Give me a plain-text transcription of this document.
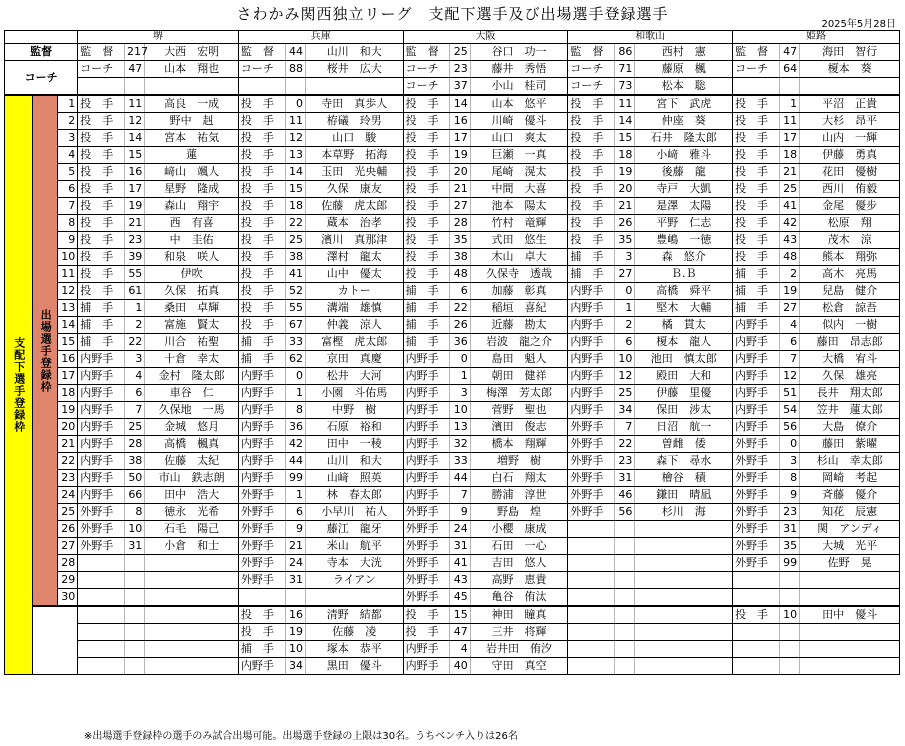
さわかみ関西独立リーグ　支配下選手及び出場選手登録選手
2025年5月28日
			堺			兵庫			大阪			和歌山			姫路		
監督			監　督	217	大西　宏明	監　督	44	山川　和大	監　督	25	谷口　功一	監　督	86	西村　憲	監　督	47	海田　智行
コーチ			コーチ	47	山本　翔也	コーチ	88	桜井　広大	コーチ	23	藤井　秀悟	コーチ	71	藤原　楓	コーチ	64	榎本　葵
									コーチ	37	小山　桂司	コーチ	73	松本　聡			
支配下選手登録枠	出場選手登録枠	1	投　手	11	高良　一成	投　手	0	寺田　真歩人	投　手	14	山本　悠平	投　手	11	宮下　武虎	投　手	1	平沼　正貴
		2	投　手	12	野中　赳	投　手	11	栫礒　玲男	投　手	16	川崎　優斗	投　手	14	仲座　葵	投　手	11	大杉　昂平
		3	投　手	14	宮本　祐気	投　手	12	山口　駿	投　手	17	山口　爽太	投　手	15	石井　隆太郎	投　手	17	山内　一輝
		4	投　手	15	蓮	投　手	13	本草野　拓海	投　手	19	巨瀬　一真	投　手	18	小﨑　雅斗	投　手	18	伊藤　勇真
		5	投　手	16	﨑山　颯人	投　手	14	玉田　光央輔	投　手	20	尾崎　滉太	投　手	19	後藤　龍	投　手	21	花田　優樹
		6	投　手	17	星野　隆成	投　手	15	久保　康友	投　手	21	中間　大喜	投　手	20	寺戸　大凱	投　手	25	西川　侑毅
		7	投　手	19	森山　翔宇	投　手	18	佐藤　虎太郎	投　手	27	池本　陽太	投　手	21	是澤　太陽	投　手	41	金尾　優步
		8	投　手	21	西　有喜	投　手	22	蔵本　治孝	投　手	28	竹村　竜輝	投　手	26	平野　仁志	投　手	42	松原　翔
		9	投　手	23	中　圭佑	投　手	25	濱川　真那津	投　手	35	式田　悠生	投　手	35	豊嶋　一徳	投　手	43	茂木　涼
		10	投　手	39	和泉　咲人	投　手	38	澤村　龍太	投　手	38	木山　卓大	捕　手	3	森　悠介	投　手	48	熊本　翔弥
		11	投　手	55	伊吹	投　手	41	山中　優太	投　手	48	久保寺　透哉	捕　手	27	Ｂ.Ｂ	捕　手	2	高木　亮馬
		12	投　手	61	久保　拓真	投　手	52	カトー	捕　手	6	加藤　彰真	内野手	0	高橋　舜平	捕　手	19	兒島　健介
		13	捕　手	1	桑田　卓輝	投　手	55	溝端　雄慎	捕　手	22	稲垣　喜紀	内野手	1	堅木　大輔	捕　手	27	松倉　諒吾
		14	捕　手	2	富施　賢太	投　手	67	仲義　涼人	捕　手	26	近藤　勘太	内野手	2	橘　貫太	内野手	4	似内　一樹
		15	捕　手	22	川合　祐聖	捕　手	33	富樫　虎太郎	捕　手	36	岩波　龍之介	内野手	6	榎本　龍人	内野手	6	藤田　昂志郎
		16	内野手	3	十倉　幸太	捕　手	62	京田　真慶	内野手	0	島田　魁人	内野手	10	池田　慎太郎	内野手	7	大橋　宥斗
		17	内野手	4	金村　隆太郎	内野手	0	松井　大河	内野手	1	朝田　健祥	内野手	12	殿田　大和	内野手	12	久保　雄亮
		18	内野手	6	車谷　仁	内野手	1	小園　斗佑馬	内野手	3	梅澤　芳太郎	内野手	25	伊藤　里優	内野手	51	長井　翔太郎
		19	内野手	7	久保地　一馬	内野手	8	中野　樹	内野手	10	菅野　聖也	内野手	34	保田　涉太	内野手	54	笠井　蓮太郎
		20	内野手	25	金城　悠月	内野手	36	石原　裕和	内野手	13	濱田　俊志	外野手	7	日沼　航一	内野手	56	大島　僚介
		21	内野手	28	高橋　楓真	内野手	42	田中　一稜	内野手	32	橋本　翔輝	外野手	22	曽雌　倭	外野手	0	藤田　紫曜
		22	内野手	38	佐藤　太紀	内野手	44	山川　和大	内野手	33	増野　樹	外野手	23	森下　尋水	外野手	3	杉山　幸太郎
		23	内野手	50	市山　鉄志朗	内野手	99	山﨑　照英	内野手	44	白石　翔太	外野手	31	檜谷　積	外野手	8	岡崎　考起
		24	内野手	66	田中　浩大	外野手	1	林　春太郎	内野手	7	勝浦　淳世	外野手	46	鎌田　晴凪	外野手	9	斉藤　優介
		25	外野手	8	徳永　光希	外野手	6	小早川　祐人	外野手	9	野島　煌	外野手	56	杉川　海	外野手	23	知花　辰憲
		26	外野手	10	石毛　陽己	外野手	9	藤江　龍牙	外野手	24	小櫻　康成				外野手	31	関　アンディ
		27	外野手	31	小倉　和士	外野手	21	米山　航平	外野手	31	石田　一心				外野手	35	大城　光平
		28				外野手	24	寺本　大洸	外野手	41	吉田　悠人				外野手	99	佐野　晃
		29				外野手	31	ライアン	外野手	43	高野　恵貴						
		30							外野手	45	亀谷　侑汰						
						投　手	16	清野　結都	投　手	15	神田　瞳真				投　手	10	田中　優斗
						投　手	19	佐藤　凌	投　手	47	三井　将輝						
						捕　手	10	塚本　恭平	内野手	4	岩井田　侑汐						
						内野手	34	黒田　優斗	内野手	40	守田　真空						
※出場選手登録枠の選手のみ試合出場可能。出場選手登録の上限は30名。うちベンチ入りは26名
